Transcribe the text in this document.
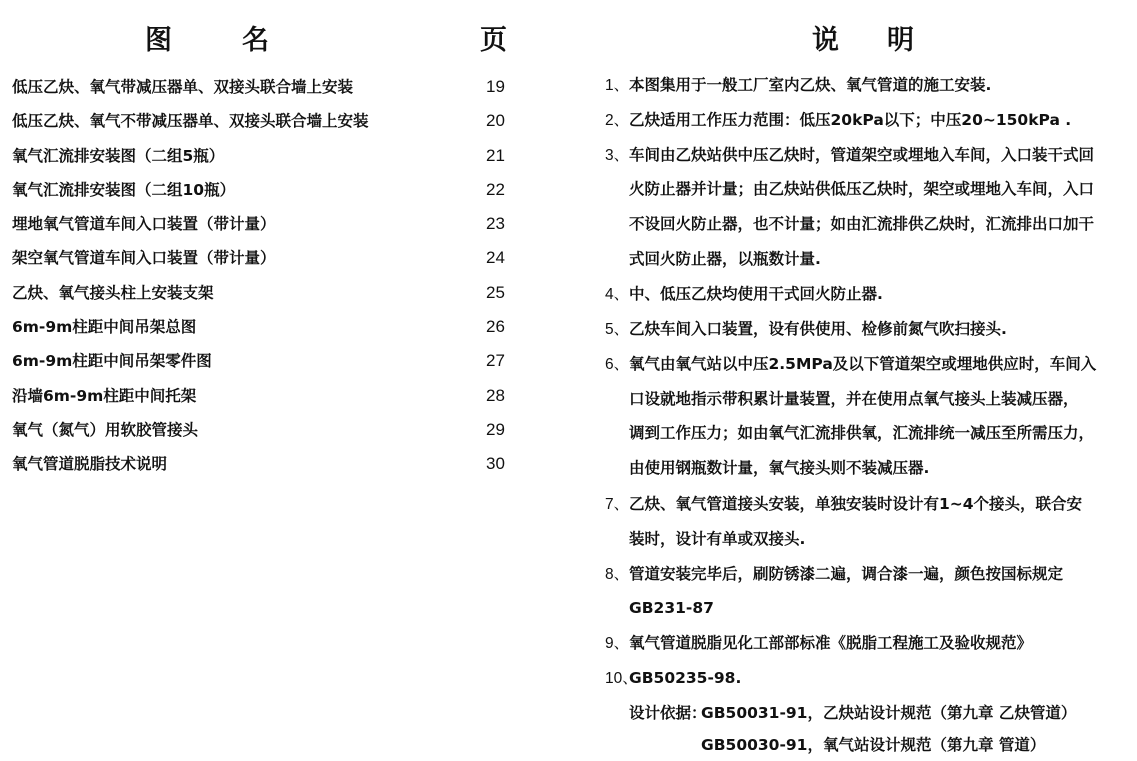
图	名	页	说 明
低压乙炔、氧气带减压器单、双接头联合墙上安装	19
低压乙炔、氧气不带减压器单、双接头联合墙上安装	20
氧气汇流排安装图（二组5瓶）	21
氧气汇流排安装图（二组10瓶）	22
埋地氧气管道车间入口装置（带计量）	23
架空氧气管道车间入口装置（带计量）	24
乙炔、氧气接头柱上安装支架	25
6m-9m柱距中间吊架总图	26
6m-9m柱距中间吊架零件图	27
沿墙6m-9m柱距中间托架	28
氧气（氮气）用软胶管接头	29
氧气管道脱脂技术说明	30
1、本图集用于一般工厂室内乙炔、氧气管道的施工安装.
2、乙炔适用工作压力范围：低压20kPa以下；中压20~150kPa .
3、车间由乙炔站供中压乙炔时，管道架空或埋地入车间，入口装干式回
火防止器并计量；由乙炔站供低压乙炔时，架空或埋地入车间，入口
不设回火防止器，也不计量；如由汇流排供乙炔时，汇流排出口加干
式回火防止器，以瓶数计量.
4、中、低压乙炔均使用干式回火防止器.
5、乙炔车间入口装置，设有供使用、检修前氮气吹扫接头.
6、氧气由氧气站以中压2.5MPa及以下管道架空或埋地供应时，车间入
口设就地指示带积累计量装置，并在使用点氧气接头上装减压器，
调到工作压力；如由氧气汇流排供氧，汇流排统一减压至所需压力，
由使用钢瓶数计量，氧气接头则不装减压器.
7、乙炔、氧气管道接头安装，单独安装时设计有1~4个接头，联合安
装时，设计有单或双接头.
8、管道安装完毕后，刷防锈漆二遍，调合漆一遍，颜色按国标规定
GB231-87
9、氧气管道脱脂见化工部部标准《脱脂工程施工及验收规范》
10、GB50235-98.
设计依据：GB50031-91，乙炔站设计规范（第九章 乙炔管道）
GB50030-91，氧气站设计规范（第九章 管道）
